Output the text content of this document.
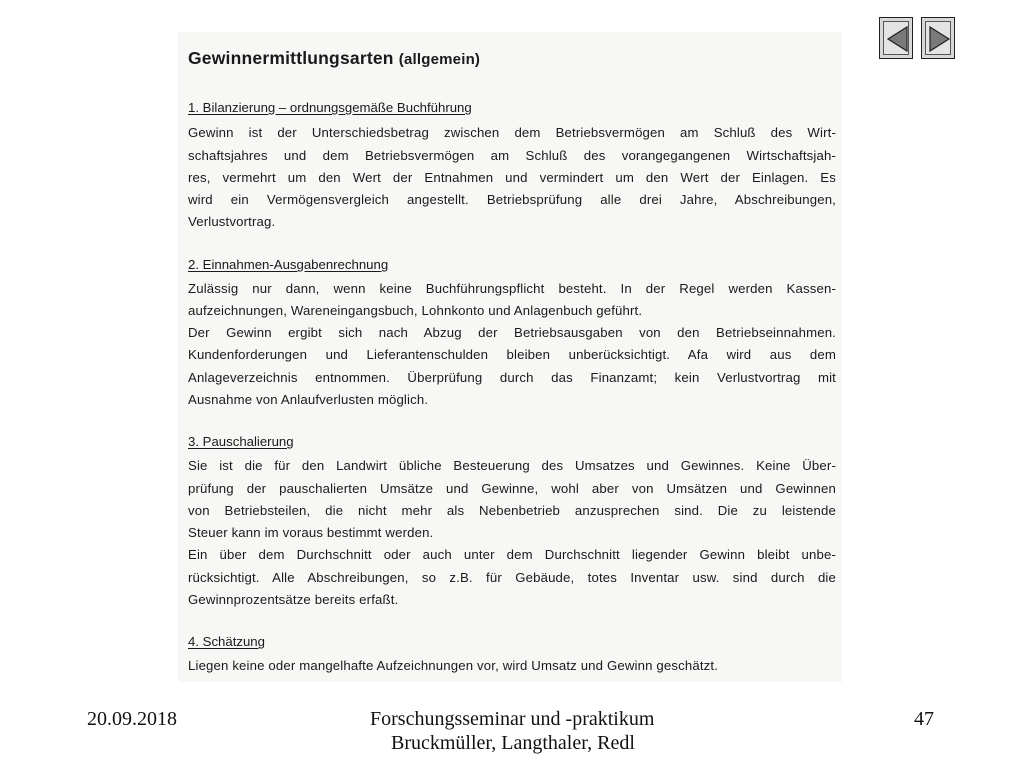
Gewinnermittlungsarten (allgemein)
1. Bilanzierung – ordnungsgemäße Buchführung
Gewinn ist der Unterschiedsbetrag zwischen dem Betriebsvermögen am Schluß des Wirt-
schaftsjahres und dem Betriebsvermögen am Schluß des vorangegangenen Wirtschaftsjah-
res, vermehrt um den Wert der Entnahmen und vermindert um den Wert der Einlagen. Es
wird ein Vermögensvergleich angestellt. Betriebsprüfung alle drei Jahre, Abschreibungen,
Verlustvortrag.
2. Einnahmen-Ausgabenrechnung
Zulässig nur dann, wenn keine Buchführungspflicht besteht. In der Regel werden Kassen-
aufzeichnungen, Wareneingangsbuch, Lohnkonto und Anlagenbuch geführt.
Der Gewinn ergibt sich nach Abzug der Betriebsausgaben von den Betriebseinnahmen.
Kundenforderungen und Lieferantenschulden bleiben unberücksichtigt. Afa wird aus dem
Anlageverzeichnis entnommen. Überprüfung durch das Finanzamt; kein Verlustvortrag mit
Ausnahme von Anlaufverlusten möglich.
3. Pauschalierung
Sie ist die für den Landwirt übliche Besteuerung des Umsatzes und Gewinnes. Keine Über-
prüfung der pauschalierten Umsätze und Gewinne, wohl aber von Umsätzen und Gewinnen
von Betriebsteilen, die nicht mehr als Nebenbetrieb anzusprechen sind. Die zu leistende
Steuer kann im voraus bestimmt werden.
Ein über dem Durchschnitt oder auch unter dem Durchschnitt liegender Gewinn bleibt unbe-
rücksichtigt. Alle Abschreibungen, so z.B. für Gebäude, totes Inventar usw. sind durch die
Gewinnprozentsätze bereits erfaßt.
4. Schätzung
Liegen keine oder mangelhafte Aufzeichnungen vor, wird Umsatz und Gewinn geschätzt.
20.09.2018	Forschungsseminar und -praktikum
Bruckmüller, Langthaler, Redl
47
